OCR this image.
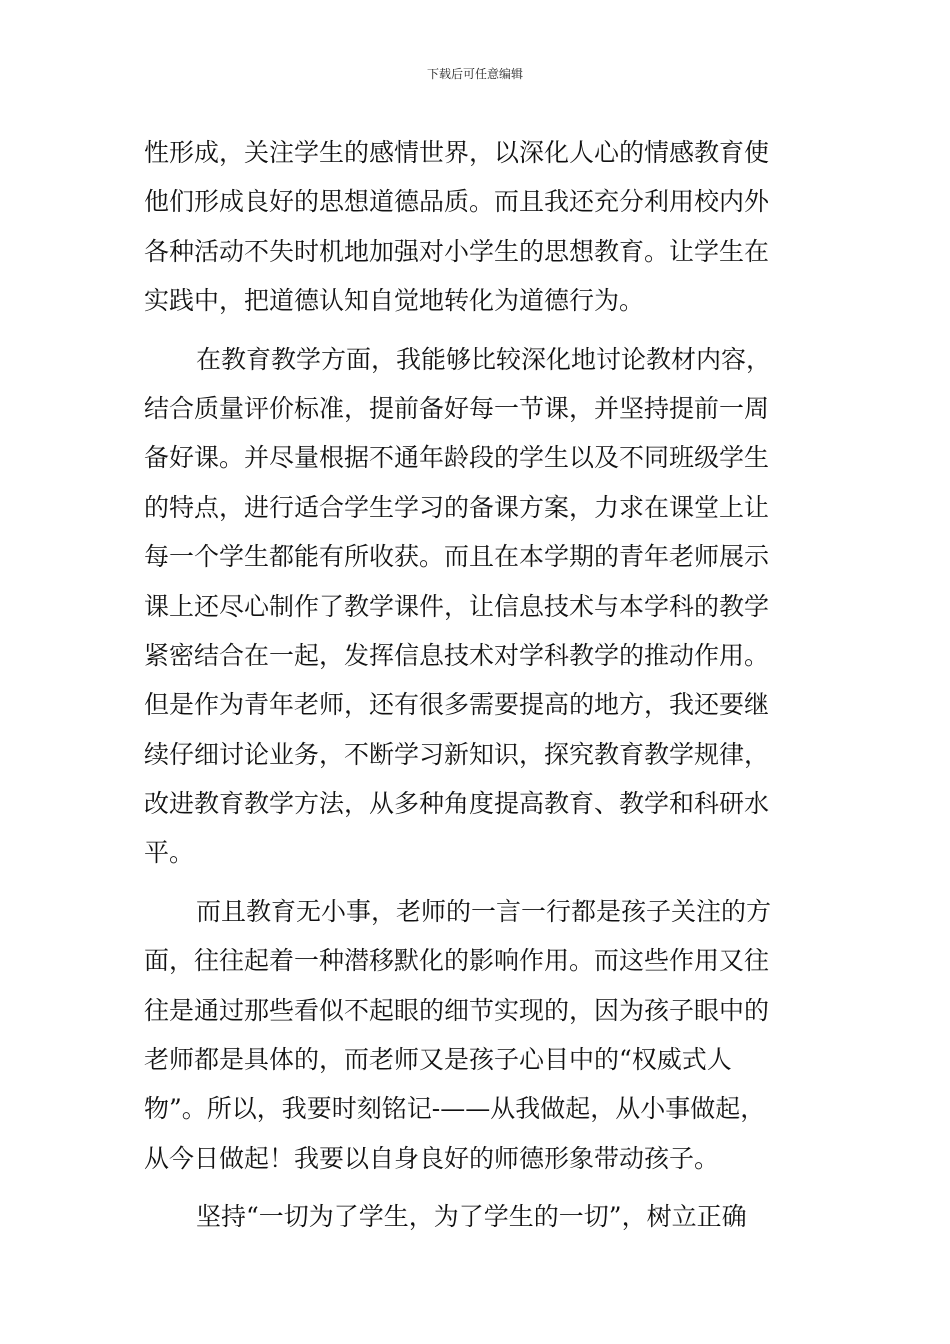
下载后可任意编辑
性形成，关注学生的感情世界，以深化人心的情感教育使
他们形成良好的思想道德品质。而且我还充分利用校内外
各种活动不失时机地加强对小学生的思想教育。让学生在
实践中，把道德认知自觉地转化为道德行为。
在教育教学方面，我能够比较深化地讨论教材内容，
结合质量评价标准，提前备好每一节课，并坚持提前一周
备好课。并尽量根据不通年龄段的学生以及不同班级学生
的特点，进行适合学生学习的备课方案，力求在课堂上让
每一个学生都能有所收获。而且在本学期的青年老师展示
课上还尽心制作了教学课件，让信息技术与本学科的教学
紧密结合在一起，发挥信息技术对学科教学的推动作用。
但是作为青年老师，还有很多需要提高的地方，我还要继
续仔细讨论业务，不断学习新知识，探究教育教学规律，
改进教育教学方法，从多种角度提高教育、教学和科研水
平。
而且教育无小事，老师的一言一行都是孩子关注的方
面，往往起着一种潜移默化的影响作用。而这些作用又往
往是通过那些看似不起眼的细节实现的，因为孩子眼中的
老师都是具体的，而老师又是孩子心目中的“权威式人
物”。所以，我要时刻铭记-——从我做起，从小事做起，
从今日做起！我要以自身良好的师德形象带动孩子。
坚持“一切为了学生，为了学生的一切”，树立正确
